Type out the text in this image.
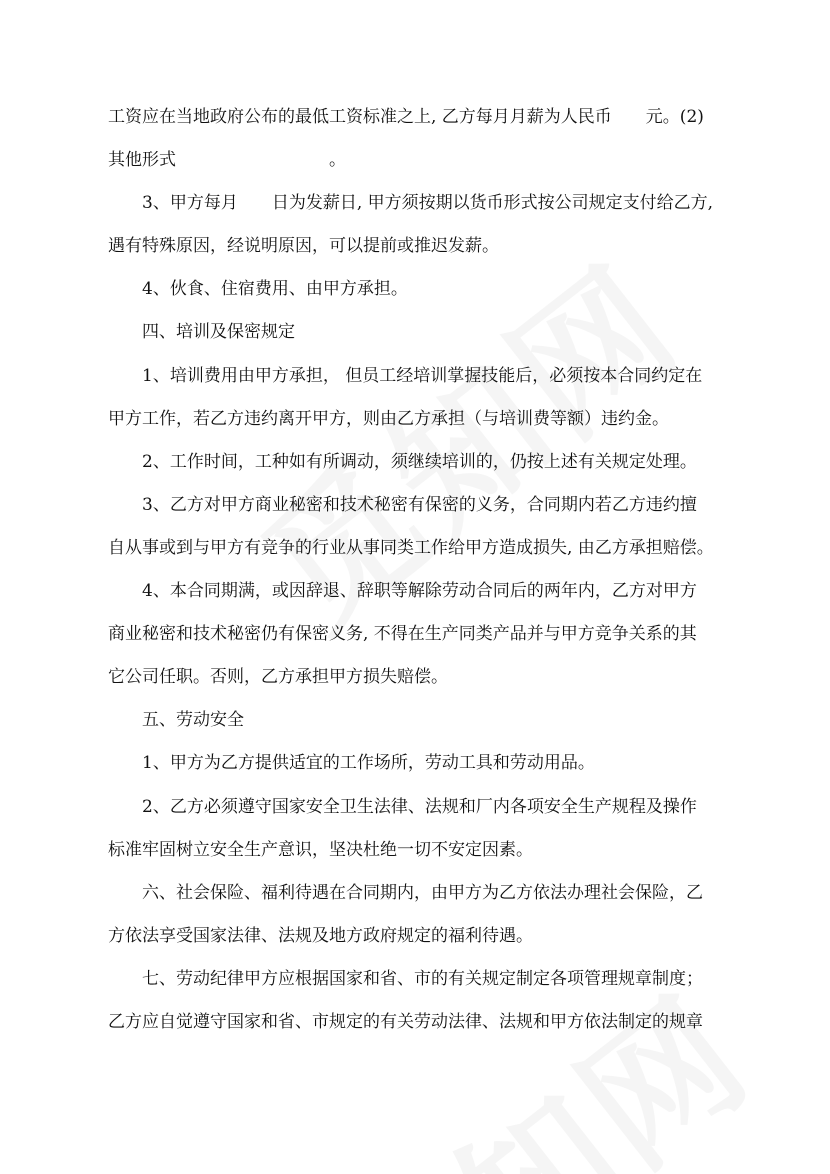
工资应在当地政府公布的最低工资标准之上, 乙方每月月薪为人民币　　元。(2)
其他形式　　　　　　　　　。
3、甲方每月　　日为发薪日, 甲方须按期以货币形式按公司规定支付给乙方,
遇有特殊原因，经说明原因，可以提前或推迟发薪。
4、伙食、住宿费用、由甲方承担。
四、培训及保密规定
1、培训费用由甲方承担， 但员工经培训掌握技能后，必须按本合同约定在
甲方工作，若乙方违约离开甲方，则由乙方承担（与培训费等额）违约金。
2、工作时间，工种如有所调动，须继续培训的，仍按上述有关规定处理。
3、乙方对甲方商业秘密和技术秘密有保密的义务，合同期内若乙方违约擅
自从事或到与甲方有竞争的行业从事同类工作给甲方造成损失, 由乙方承担赔偿。
4、本合同期满，或因辞退、辞职等解除劳动合同后的两年内，乙方对甲方
商业秘密和技术秘密仍有保密义务, 不得在生产同类产品并与甲方竞争关系的其
它公司任职。否则，乙方承担甲方损失赔偿。
五、劳动安全
1、甲方为乙方提供适宜的工作场所，劳动工具和劳动用品。
2、乙方必须遵守国家安全卫生法律、法规和厂内各项安全生产规程及操作
标准牢固树立安全生产意识，坚决杜绝一切不安定因素。
六、社会保险、福利待遇在合同期内，由甲方为乙方依法办理社会保险，乙
方依法享受国家法律、法规及地方政府规定的福利待遇。
七、劳动纪律甲方应根据国家和省、市的有关规定制定各项管理规章制度；
乙方应自觉遵守国家和省、市规定的有关劳动法律、法规和甲方依法制定的规章
